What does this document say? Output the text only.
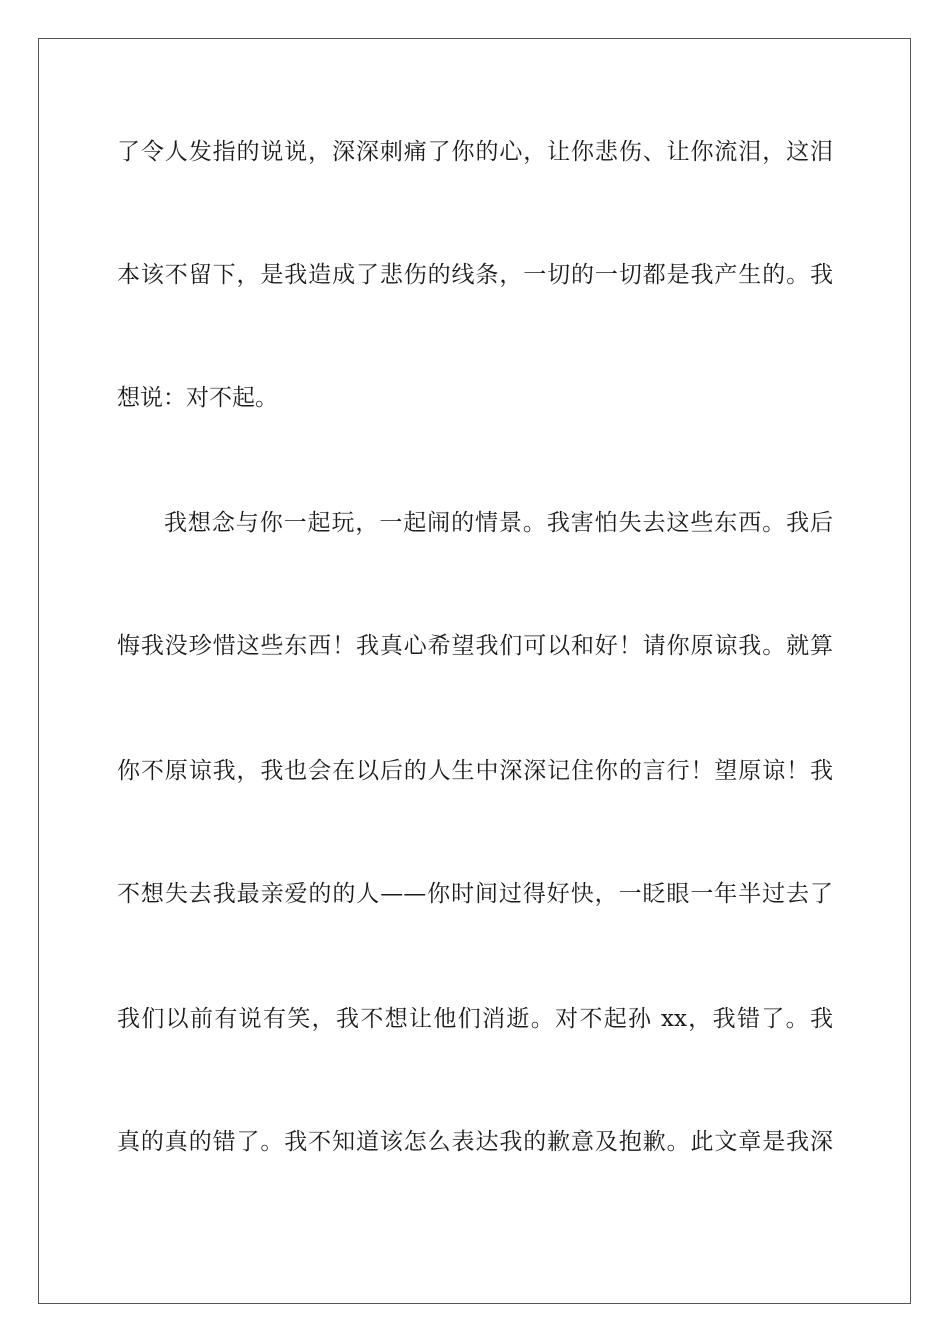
了令人发指的说说，深深刺痛了你的心，让你悲伤、让你流泪，这泪

本该不留下，是我造成了悲伤的线条，一切的一切都是我产生的。我

想说：对不起。

我想念与你一起玩，一起闹的情景。我害怕失去这些东西。我后

悔我没珍惜这些东西！我真心希望我们可以和好！请你原谅我。就算

你不原谅我，我也会在以后的人生中深深记住你的言行！望原谅！我

不想失去我最亲爱的的人——你时间过得好快，一眨眼一年半过去了

我们以前有说有笑，我不想让他们消逝。对不起孙 xx，我错了。我

真的真的错了。我不知道该怎么表达我的歉意及抱歉。此文章是我深
